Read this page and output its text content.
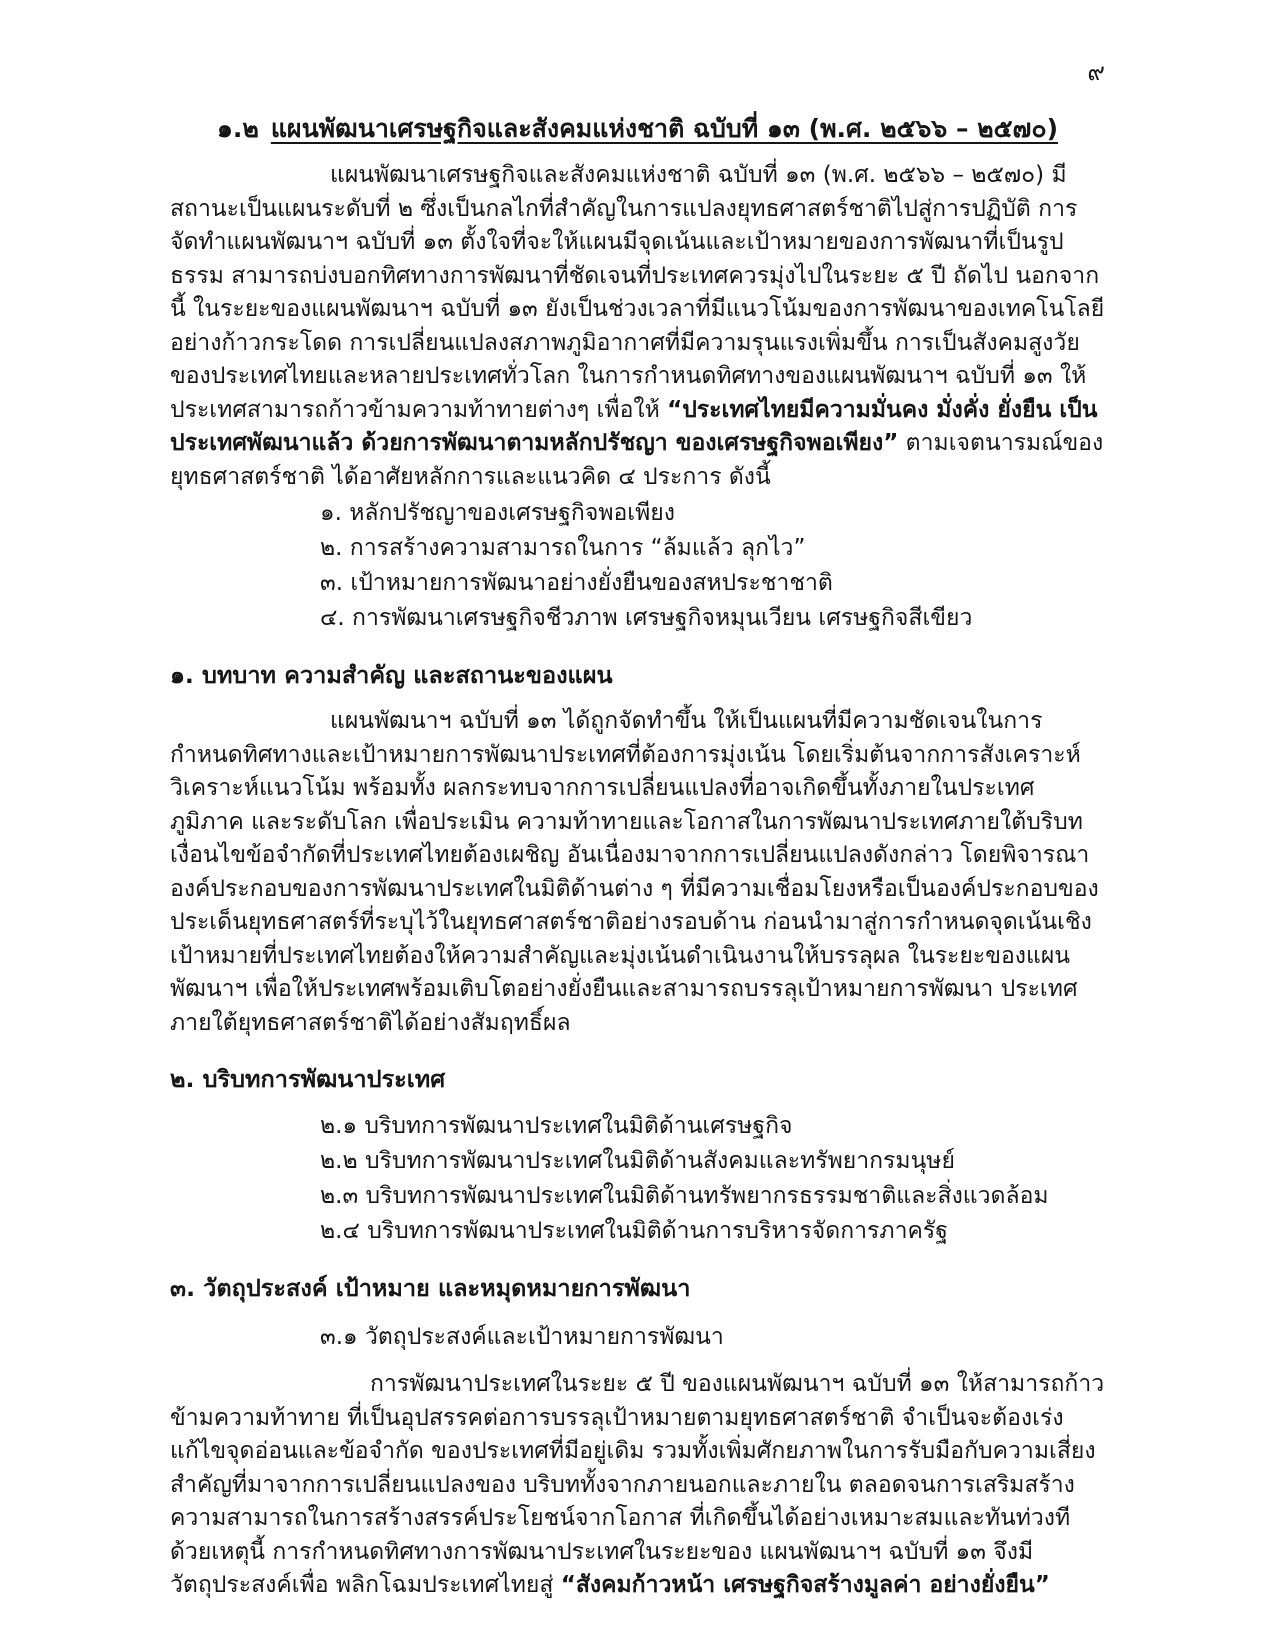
๙
๑.๒ แผนพัฒนาเศรษฐกิจและสังคมแห่งชาติ ฉบับที่ ๑๓ (พ.ศ. ๒๕๖๖ – ๒๕๗๐)

แผนพัฒนาเศรษฐกิจและสังคมแห่งชาติ ฉบับที่ ๑๓ (พ.ศ. ๒๕๖๖ – ๒๕๗๐) มีสถานะเป็นแผนระดับที่ ๒ ซึ่งเป็นกลไกที่สำคัญในการแปลงยุทธศาสตร์ชาติไปสู่การปฏิบัติ การจัดทำแผนพัฒนาฯ ฉบับที่ ๑๓ ตั้งใจที่จะให้แผนมีจุดเน้นและเป้าหมายของการพัฒนาที่เป็นรูปธรรม สามารถบ่งบอกทิศทางการพัฒนาที่ชัดเจนที่ประเทศควรมุ่งไปในระยะ ๕ ปี ถัดไป นอกจากนี้ ในระยะของแผนพัฒนาฯ ฉบับที่ ๑๓ ยังเป็นช่วงเวลาที่มีแนวโน้มของการพัฒนาของเทคโนโลยีอย่างก้าวกระโดด การเปลี่ยนแปลงสภาพภูมิอากาศที่มีความรุนแรงเพิ่มขึ้น การเป็นสังคมสูงวัยของประเทศไทยและหลายประเทศทั่วโลก ในการกำหนดทิศทางของแผนพัฒนาฯ ฉบับที่ ๑๓ ให้ประเทศสามารถก้าวข้ามความท้าทายต่างๆ เพื่อให้ “ประเทศไทยมีความมั่นคง มั่งคั่ง ยั่งยืน เป็นประเทศพัฒนาแล้ว ด้วยการพัฒนาตามหลักปรัชญา ของเศรษฐกิจพอเพียง” ตามเจตนารมณ์ของยุทธศาสตร์ชาติ ได้อาศัยหลักการและแนวคิด ๔ ประการ ดังนี้

๑. หลักปรัชญาของเศรษฐกิจพอเพียง
๒. การสร้างความสามารถในการ “ล้มแล้ว ลุกไว”
๓. เป้าหมายการพัฒนาอย่างยั่งยืนของสหประชาชาติ
๔. การพัฒนาเศรษฐกิจชีวภาพ เศรษฐกิจหมุนเวียน เศรษฐกิจสีเขียว
๑. บทบาท ความสำคัญ และสถานะของแผน

แผนพัฒนาฯ ฉบับที่ ๑๓ ได้ถูกจัดทำขึ้น ให้เป็นแผนที่มีความชัดเจนในการกำหนดทิศทางและเป้าหมายการพัฒนาประเทศที่ต้องการมุ่งเน้น โดยเริ่มต้นจากการสังเคราะห์ วิเคราะห์แนวโน้ม พร้อมทั้ง ผลกระทบจากการเปลี่ยนแปลงที่อาจเกิดขึ้นทั้งภายในประเทศ ภูมิภาค และระดับโลก เพื่อประเมิน ความท้าทายและโอกาสในการพัฒนาประเทศภายใต้บริบทเงื่อนไขข้อจำกัดที่ประเทศไทยต้องเผชิญ อันเนื่องมาจากการเปลี่ยนแปลงดังกล่าว โดยพิจารณาองค์ประกอบของการพัฒนาประเทศในมิติด้านต่าง ๆ ที่มีความเชื่อมโยงหรือเป็นองค์ประกอบของประเด็นยุทธศาสตร์ที่ระบุไว้ในยุทธศาสตร์ชาติอย่างรอบด้าน ก่อนนำมาสู่การกำหนดจุดเน้นเชิงเป้าหมายที่ประเทศไทยต้องให้ความสำคัญและมุ่งเน้นดำเนินงานให้บรรลุผล ในระยะของแผนพัฒนาฯ เพื่อให้ประเทศพร้อมเติบโตอย่างยั่งยืนและสามารถบรรลุเป้าหมายการพัฒนา ประเทศภายใต้ยุทธศาสตร์ชาติได้อย่างสัมฤทธิ์ผล

๒. บริบทการพัฒนาประเทศ
๒.๑ บริบทการพัฒนาประเทศในมิติด้านเศรษฐกิจ
๒.๒ บริบทการพัฒนาประเทศในมิติด้านสังคมและทรัพยากรมนุษย์
๒.๓ บริบทการพัฒนาประเทศในมิติด้านทรัพยากรธรรมชาติและสิ่งแวดล้อม
๒.๔ บริบทการพัฒนาประเทศในมิติด้านการบริหารจัดการภาครัฐ
๓. วัตถุประสงค์ เป้าหมาย และหมุดหมายการพัฒนา
๓.๑ วัตถุประสงค์และเป้าหมายการพัฒนา

การพัฒนาประเทศในระยะ ๕ ปี ของแผนพัฒนาฯ ฉบับที่ ๑๓ ให้สามารถก้าวข้ามความท้าทาย ที่เป็นอุปสรรคต่อการบรรลุเป้าหมายตามยุทธศาสตร์ชาติ จำเป็นจะต้องเร่งแก้ไขจุดอ่อนและข้อจำกัด ของประเทศที่มีอยู่เดิม รวมทั้งเพิ่มศักยภาพในการรับมือกับความเสี่ยงสำคัญที่มาจากการเปลี่ยนแปลงของ บริบททั้งจากภายนอกและภายใน ตลอดจนการเสริมสร้างความสามารถในการสร้างสรรค์ประโยชน์จากโอกาส ที่เกิดขึ้นได้อย่างเหมาะสมและทันท่วงที ด้วยเหตุนี้ การกำหนดทิศทางการพัฒนาประเทศในระยะของ แผนพัฒนาฯ ฉบับที่ ๑๓ จึงมีวัตถุประสงค์เพื่อ พลิกโฉมประเทศไทยสู่ “สังคมก้าวหน้า เศรษฐกิจสร้างมูลค่า อย่างยั่งยืน”
